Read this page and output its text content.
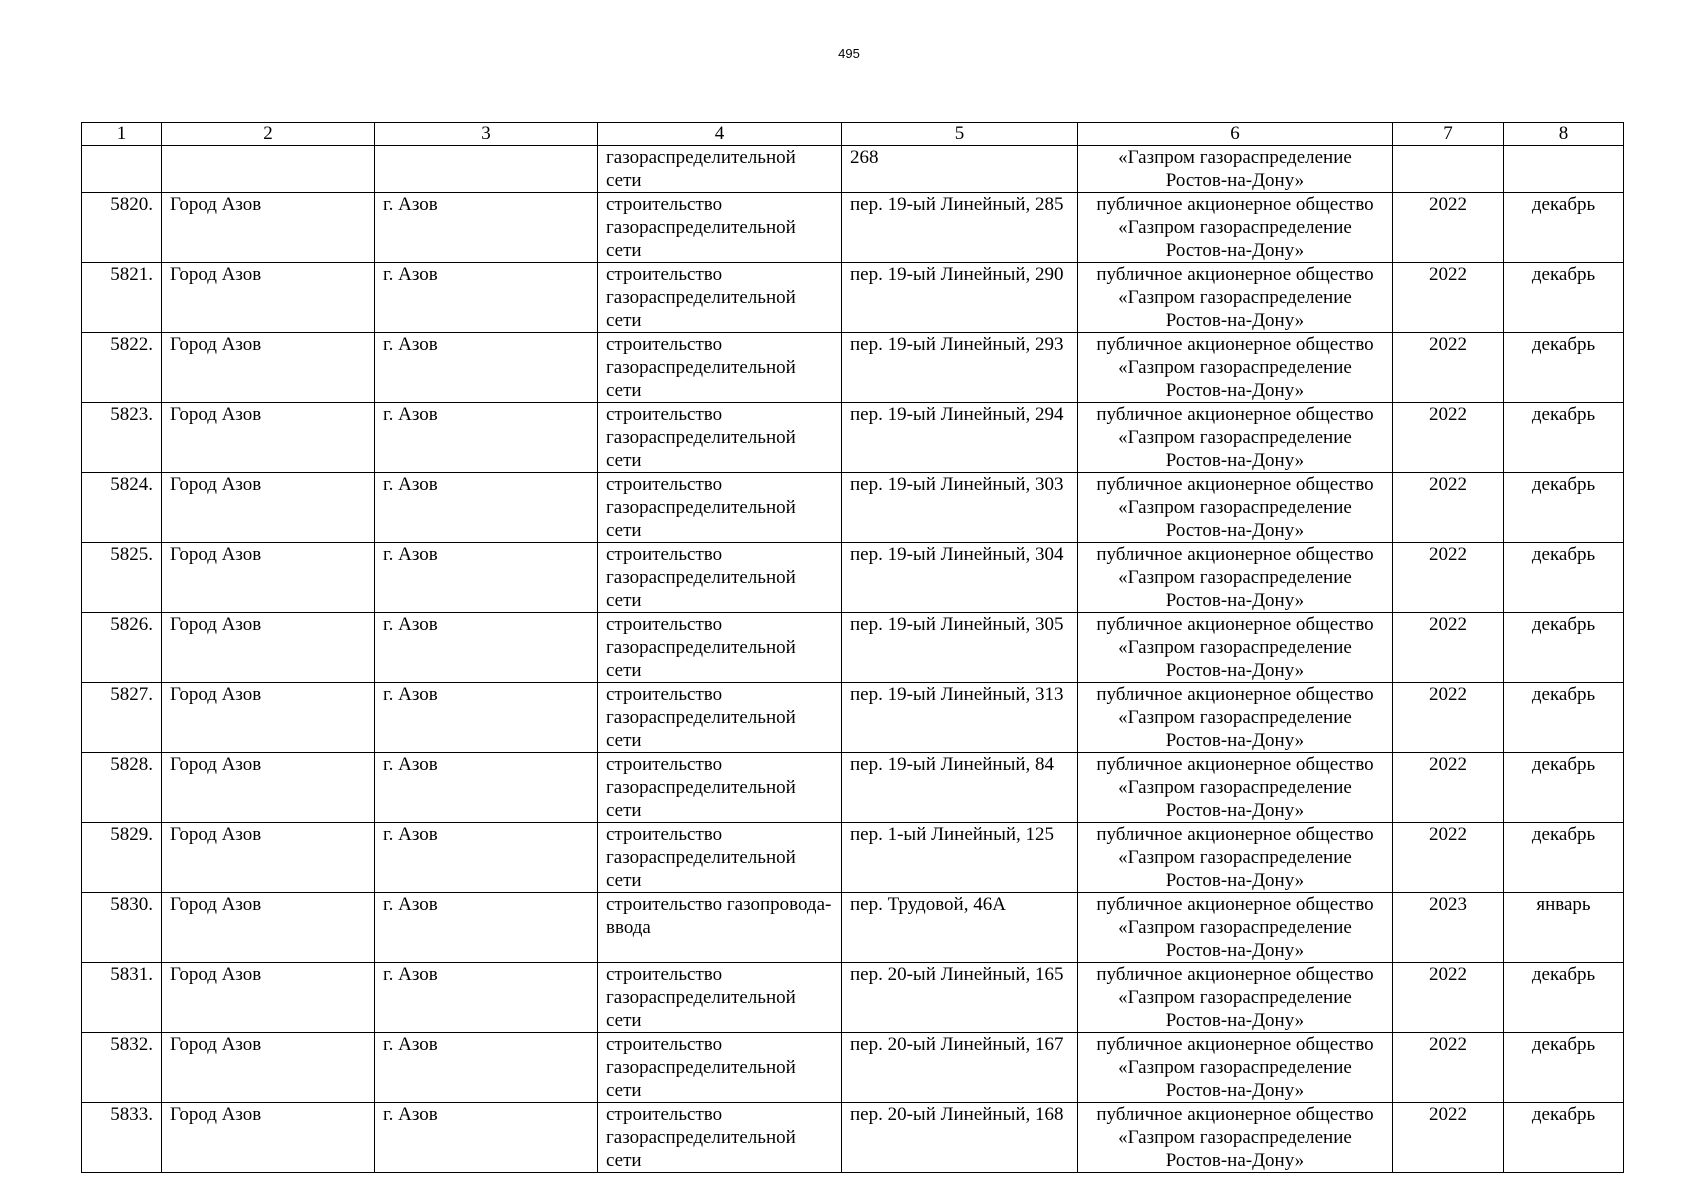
495
1	2	3	4	5	6	7	8
			газораспределительной сети	268	«Газпром газораспределение Ростов-на-Дону»		
5820.	Город Азов	г. Азов	строительство газораспределительной сети	пер. 19-ый Линейный, 285	публичное акционерное общество «Газпром газораспределение Ростов-на-Дону»	2022	декабрь
5821.	Город Азов	г. Азов	строительство газораспределительной сети	пер. 19-ый Линейный, 290	публичное акционерное общество «Газпром газораспределение Ростов-на-Дону»	2022	декабрь
5822.	Город Азов	г. Азов	строительство газораспределительной сети	пер. 19-ый Линейный, 293	публичное акционерное общество «Газпром газораспределение Ростов-на-Дону»	2022	декабрь
5823.	Город Азов	г. Азов	строительство газораспределительной сети	пер. 19-ый Линейный, 294	публичное акционерное общество «Газпром газораспределение Ростов-на-Дону»	2022	декабрь
5824.	Город Азов	г. Азов	строительство газораспределительной сети	пер. 19-ый Линейный, 303	публичное акционерное общество «Газпром газораспределение Ростов-на-Дону»	2022	декабрь
5825.	Город Азов	г. Азов	строительство газораспределительной сети	пер. 19-ый Линейный, 304	публичное акционерное общество «Газпром газораспределение Ростов-на-Дону»	2022	декабрь
5826.	Город Азов	г. Азов	строительство газораспределительной сети	пер. 19-ый Линейный, 305	публичное акционерное общество «Газпром газораспределение Ростов-на-Дону»	2022	декабрь
5827.	Город Азов	г. Азов	строительство газораспределительной сети	пер. 19-ый Линейный, 313	публичное акционерное общество «Газпром газораспределение Ростов-на-Дону»	2022	декабрь
5828.	Город Азов	г. Азов	строительство газораспределительной сети	пер. 19-ый Линейный, 84	публичное акционерное общество «Газпром газораспределение Ростов-на-Дону»	2022	декабрь
5829.	Город Азов	г. Азов	строительство газораспределительной сети	пер. 1-ый Линейный, 125	публичное акционерное общество «Газпром газораспределение Ростов-на-Дону»	2022	декабрь
5830.	Город Азов	г. Азов	строительство газопровода-ввода	пер. Трудовой, 46А	публичное акционерное общество «Газпром газораспределение Ростов-на-Дону»	2023	январь
5831.	Город Азов	г. Азов	строительство газораспределительной сети	пер. 20-ый Линейный, 165	публичное акционерное общество «Газпром газораспределение Ростов-на-Дону»	2022	декабрь
5832.	Город Азов	г. Азов	строительство газораспределительной сети	пер. 20-ый Линейный, 167	публичное акционерное общество «Газпром газораспределение Ростов-на-Дону»	2022	декабрь
5833.	Город Азов	г. Азов	строительство газораспределительной сети	пер. 20-ый Линейный, 168	публичное акционерное общество «Газпром газораспределение Ростов-на-Дону»	2022	декабрь
